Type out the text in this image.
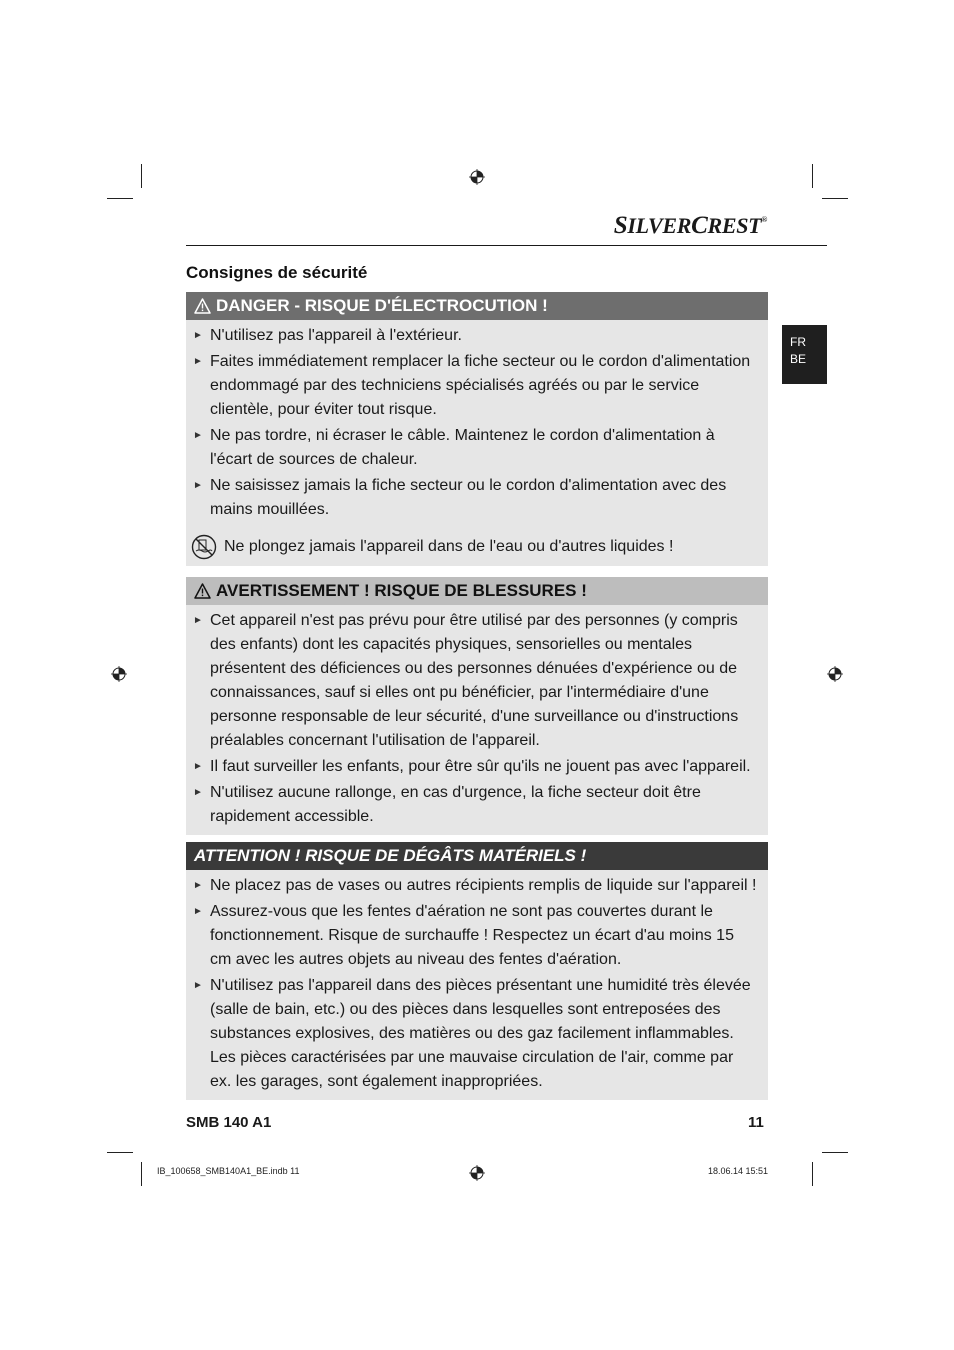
SILVERCREST®
Consignes de sécurité
FR
BE
DANGER - RISQUE D'ÉLECTROCUTION !
► N'utilisez pas l'appareil à l'extérieur.
► Faites immédiatement remplacer la fiche secteur ou le cordon d'alimentation endommagé par des techniciens spécialisés agréés ou par le service clientèle, pour éviter tout risque.
► Ne pas tordre, ni écraser le câble. Maintenez le cordon d'alimentation à l'écart de sources de chaleur.
► Ne saisissez jamais la fiche secteur ou le cordon d'alimentation avec des mains mouillées.
Ne plongez jamais l'appareil dans de l'eau ou d'autres liquides !
AVERTISSEMENT ! RISQUE DE BLESSURES !
► Cet appareil n'est pas prévu pour être utilisé par des personnes (y compris des enfants) dont les capacités physiques, sensorielles ou mentales présentent des déficiences ou des personnes dénuées d'expérience ou de connaissances, sauf si elles ont pu bénéficier, par l'intermédiaire d'une personne responsable de leur sécurité, d'une surveillance ou d'instructions préalables concernant l'utilisation de l'appareil.
► Il faut surveiller les enfants, pour être sûr qu'ils ne jouent pas avec l'appareil.
► N'utilisez aucune rallonge, en cas d'urgence, la fiche secteur doit être rapidement accessible.
ATTENTION ! RISQUE DE DÉGÂTS MATÉRIELS !
► Ne placez pas de vases ou autres récipients remplis de liquide sur l'appareil !
► Assurez-vous que les fentes d'aération ne sont pas couvertes durant le fonctionnement. Risque de surchauffe ! Respectez un écart d'au moins 15 cm avec les autres objets au niveau des fentes d'aération.
► N'utilisez pas l'appareil dans des pièces présentant une humidité très élevée (salle de bain, etc.) ou des pièces dans lesquelles sont entreposées des substances explosives, des matières ou des gaz facilement inflammables. Les pièces caractérisées par une mauvaise circulation de l'air, comme par ex. les garages, sont également inappropriées.
SMB 140 A1	11
IB_100658_SMB140A1_BE.indb 11	18.06.14 15:51
